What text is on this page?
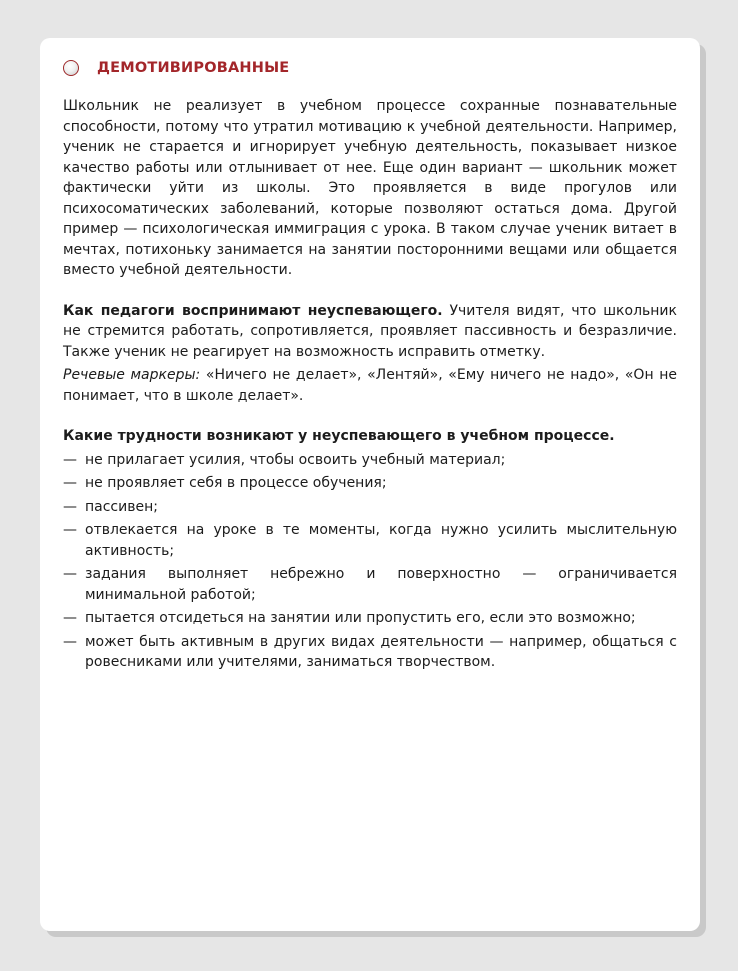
ДЕМОТИВИРОВАННЫЕ

Школьник не реализует в учебном процессе сохранные познавательные способности, потому что утратил мотивацию к учебной деятельности. Например, ученик не старается и игнорирует учебную деятельность, показывает низкое качество работы или отлынивает от нее. Еще один вариант — школьник может фактически уйти из школы. Это проявляется в виде прогулов или психосоматических заболеваний, которые позволяют остаться дома. Другой пример — психологическая иммиграция с урока. В таком случае ученик витает в мечтах, потихоньку занимается на занятии посторонними вещами или общается вместо учебной деятельности.

Как педагоги воспринимают неуспевающего. Учителя видят, что школьник не стремится работать, сопротивляется, проявляет пассивность и безразличие. Также ученик не реагирует на возможность исправить отметку.

Речевые маркеры: «Ничего не делает», «Лентяй», «Ему ничего не надо», «Он не понимает, что в школе делает».

Какие трудности возникают у неуспевающего в учебном процессе.
— не прилагает усилия, чтобы освоить учебный материал;
— не проявляет себя в процессе обучения;
— пассивен;
— отвлекается на уроке в те моменты, когда нужно усилить мыслительную активность;
— задания выполняет небрежно и поверхностно — ограничивается минимальной работой;
— пытается отсидеться на занятии или пропустить его, если это возможно;
— может быть активным в других видах деятельности — например, общаться с ровесниками или учителями, заниматься творчеством.
